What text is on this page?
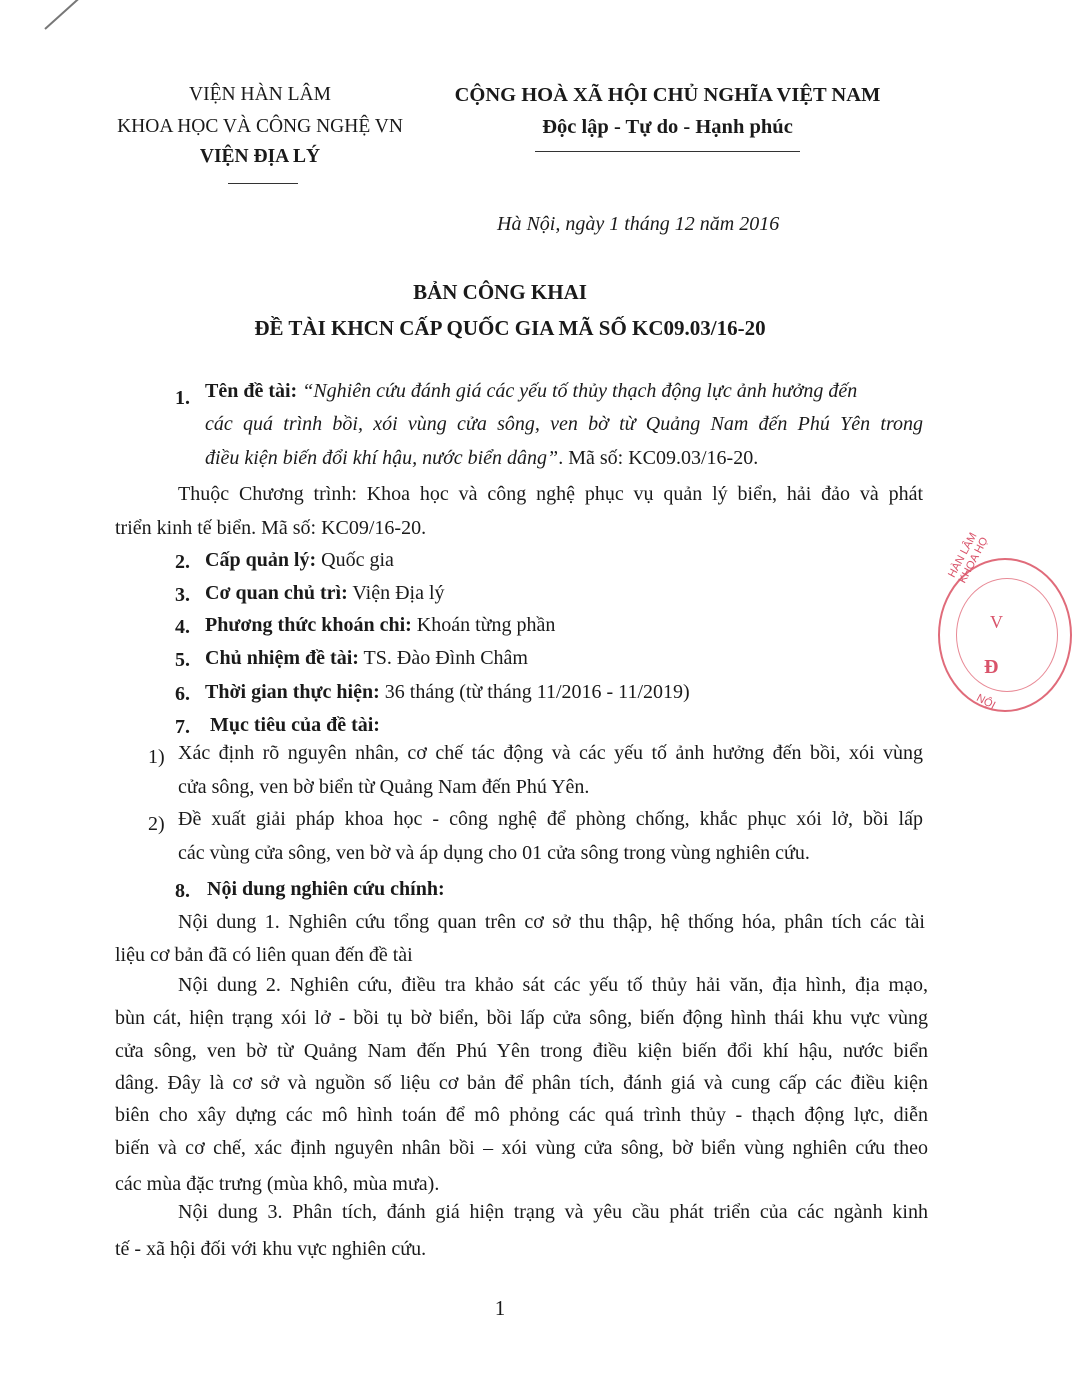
VIỆN HÀN LÂM
KHOA HỌC VÀ CÔNG NGHỆ VN
VIỆN ĐỊA LÝ
CỘNG HOÀ XÃ HỘI CHỦ NGHĨA VIỆT NAM
Độc lập - Tự do - Hạnh phúc
Hà Nội, ngày 1 tháng 12 năm 2016
BẢN CÔNG KHAI
ĐỀ TÀI KHCN CẤP QUỐC GIA MÃ SỐ KC09.03/16-20
1. Tên đề tài: “Nghiên cứu đánh giá các yếu tố thủy thạch động lực ảnh hưởng đến
các quá trình bồi, xói vùng cửa sông, ven bờ từ Quảng Nam đến Phú Yên trong
điều kiện biến đổi khí hậu, nước biển dâng”. Mã số: KC09.03/16-20.
Thuộc Chương trình: Khoa học và công nghệ phục vụ quản lý biển, hải đảo và phát
triển kinh tế biển. Mã số: KC09/16-20.
2. Cấp quản lý: Quốc gia
3. Cơ quan chủ trì: Viện Địa lý
4. Phương thức khoán chi: Khoán từng phần
5. Chủ nhiệm đề tài: TS. Đào Đình Châm
6. Thời gian thực hiện: 36 tháng (từ tháng 11/2016 - 11/2019)
7. Mục tiêu của đề tài:
1) Xác định rõ nguyên nhân, cơ chế tác động và các yếu tố ảnh hưởng đến bồi, xói vùng
cửa sông, ven bờ biển từ Quảng Nam đến Phú Yên.
2) Đề xuất giải pháp khoa học - công nghệ để phòng chống, khắc phục xói lở, bồi lấp
các vùng cửa sông, ven bờ và áp dụng cho 01 cửa sông trong vùng nghiên cứu.
8. Nội dung nghiên cứu chính:
Nội dung 1. Nghiên cứu tổng quan trên cơ sở thu thập, hệ thống hóa, phân tích các tài
liệu cơ bản đã có liên quan đến đề tài
Nội dung 2. Nghiên cứu, điều tra khảo sát các yếu tố thủy hải văn, địa hình, địa mạo,
bùn cát, hiện trạng xói lở - bồi tụ bờ biển, bồi lấp cửa sông, biến động hình thái khu vực vùng
cửa sông, ven bờ từ Quảng Nam đến Phú Yên trong điều kiện biến đổi khí hậu, nước biển
dâng. Đây là cơ sở và nguồn số liệu cơ bản để phân tích, đánh giá và cung cấp các điều kiện
biên cho xây dựng các mô hình toán để mô phỏng các quá trình thủy - thạch động lực, diễn
biến và cơ chế, xác định nguyên nhân bồi – xói vùng cửa sông, bờ biển vùng nghiên cứu theo
các mùa đặc trưng (mùa khô, mùa mưa).
Nội dung 3. Phân tích, đánh giá hiện trạng và yêu cầu phát triển của các ngành kinh
tế - xã hội đối với khu vực nghiên cứu.
1
HÀN LÂM KHOA HỌ
V
Đ
NỘI
